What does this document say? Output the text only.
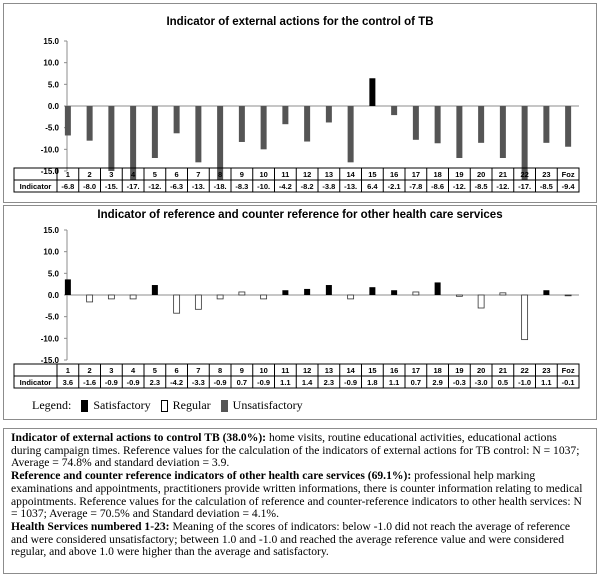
Indicator of external actions for the control of TB
15.0
10.0
5.0
0.0
-5.0
-10.0
-15.0
Indicator
1
-6.8
2
-8.0
3
-15.
4
-17.
5
-12.
6
-6.3
7
-13.
8
-18.
9
-8.3
10
-10.
11
-4.2
12
-8.2
13
-3.8
14
-13.
15
6.4
16
-2.1
17
-7.8
18
-8.6
19
-12.
20
-8.5
21
-12.
22
-17.
23
-8.5
Foz
-9.4
Indicator of reference and counter reference for other health care services
15.0
10.0
5.0
0.0
-5.0
-10.0
-15.0
Indicator
1
3.6
2
-1.6
3
-0.9
4
-0.9
5
2.3
6
-4.2
7
-3.3
8
-0.9
9
0.7
10
-0.9
11
1.1
12
1.4
13
2.3
14
-0.9
15
1.8
16
1.1
17
0.7
18
2.9
19
-0.3
20
-3.0
21
0.5
22
-1.0
23
1.1
Foz
-0.1
Legend: Satisfactory Regular Unsatisfactory

Indicator of external actions to control TB (38.0%): home visits, routine educational activities, educational actions during campaign times. Reference values for the calculation of the indicators of external actions for TB control: N = 1037; Average = 74.8% and standard deviation = 3.9.

Reference and counter reference indicators of other health care services (69.1%): professional help marking examinations and appointments, practitioners provide written informations, there is counter information relating to medical appointments. Reference values for the calculation of reference and counter-reference indicators to other health services: N = 1037; Average = 70.5% and Standard deviation = 4.1%.

Health Services numbered 1-23: Meaning of the scores of indicators: below -1.0 did not reach the average of reference and were considered unsatisfactory; between 1.0 and -1.0 and reached the average reference value and were considered regular, and above 1.0 were higher than the average and satisfactory.
